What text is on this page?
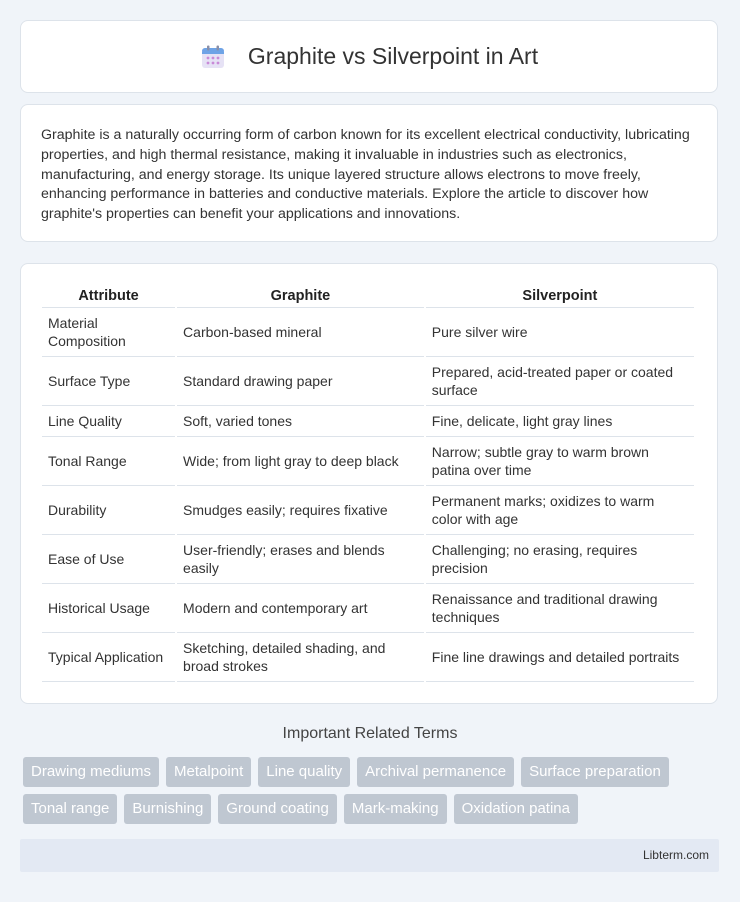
Graphite vs Silverpoint in Art

Graphite is a naturally occurring form of carbon known for its excellent electrical conductivity, lubricating properties, and high thermal resistance, making it invaluable in industries such as electronics, manufacturing, and energy storage. Its unique layered structure allows electrons to move freely, enhancing performance in batteries and conductive materials. Explore the article to discover how graphite's properties can benefit your applications and innovations.

Attribute	Graphite	Silverpoint
Material Composition	Carbon-based mineral	Pure silver wire
Surface Type	Standard drawing paper	Prepared, acid-treated paper or coated surface
Line Quality	Soft, varied tones	Fine, delicate, light gray lines
Tonal Range	Wide; from light gray to deep black	Narrow; subtle gray to warm brown patina over time
Durability	Smudges easily; requires fixative	Permanent marks; oxidizes to warm color with age
Ease of Use	User-friendly; erases and blends easily	Challenging; no erasing, requires precision
Historical Usage	Modern and contemporary art	Renaissance and traditional drawing techniques
Typical Application	Sketching, detailed shading, and broad strokes	Fine line drawings and detailed portraits
Important Related Terms
Drawing mediums	Metalpoint	Line quality	Archival permanence	Surface preparation
Tonal range	Burnishing	Ground coating	Mark-making	Oxidation patina
Libterm.com
